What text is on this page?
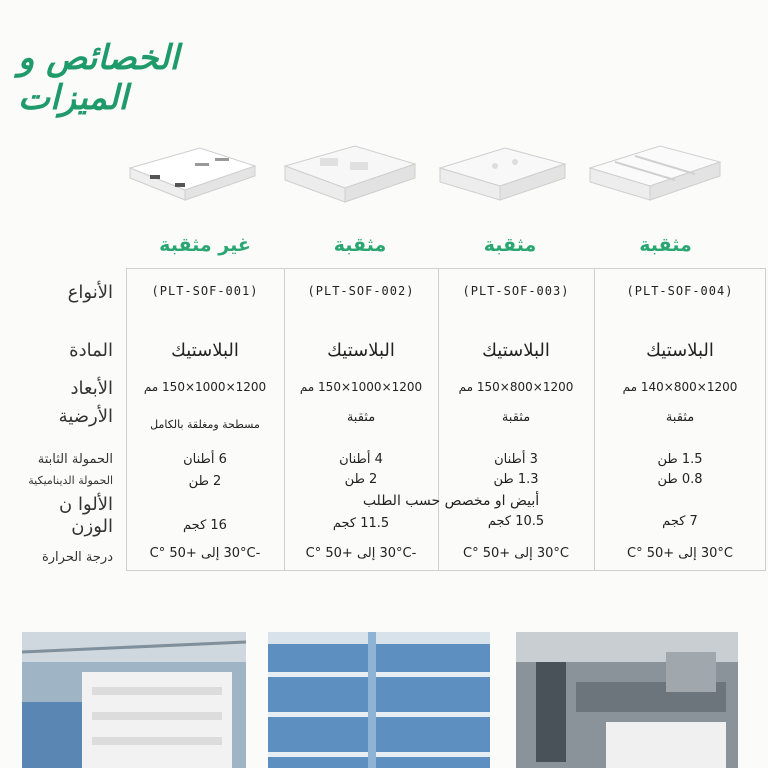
الخصائص و الميزات
مثقبة
مثقبة
مثقبة
غير مثقبة
الأنواع
المادة
الأبعاد
الأرضية
الحمولة الثابتة
الحمولة الديناميكية
الألوا ن
الوزن
درجة الحرارة
(PLT-SOF-004)
البلاستيك
1200×800×140 مم
مثقبة
1.5 طن
0.8 طن
7 كجم
30°C إلى +50 °C
(PLT-SOF-003)
البلاستيك
1200×800×150 مم
مثقبة
3 أطنان
1.3 طن
10.5 كجم
30°C إلى +50 °C
(PLT-SOF-002)
البلاستيك
1200×1000×150 مم
مثقبة
4 أطنان
2 طن
11.5 كجم
-30°C إلى +50 °C
(PLT-SOF-001)
البلاستيك
1200×1000×150 مم
مسطحة ومغلقة بالكامل
6 أطنان
2 طن
16 كجم
-30°C إلى +50 °C
أبيض او مخصص حسب الطلب
